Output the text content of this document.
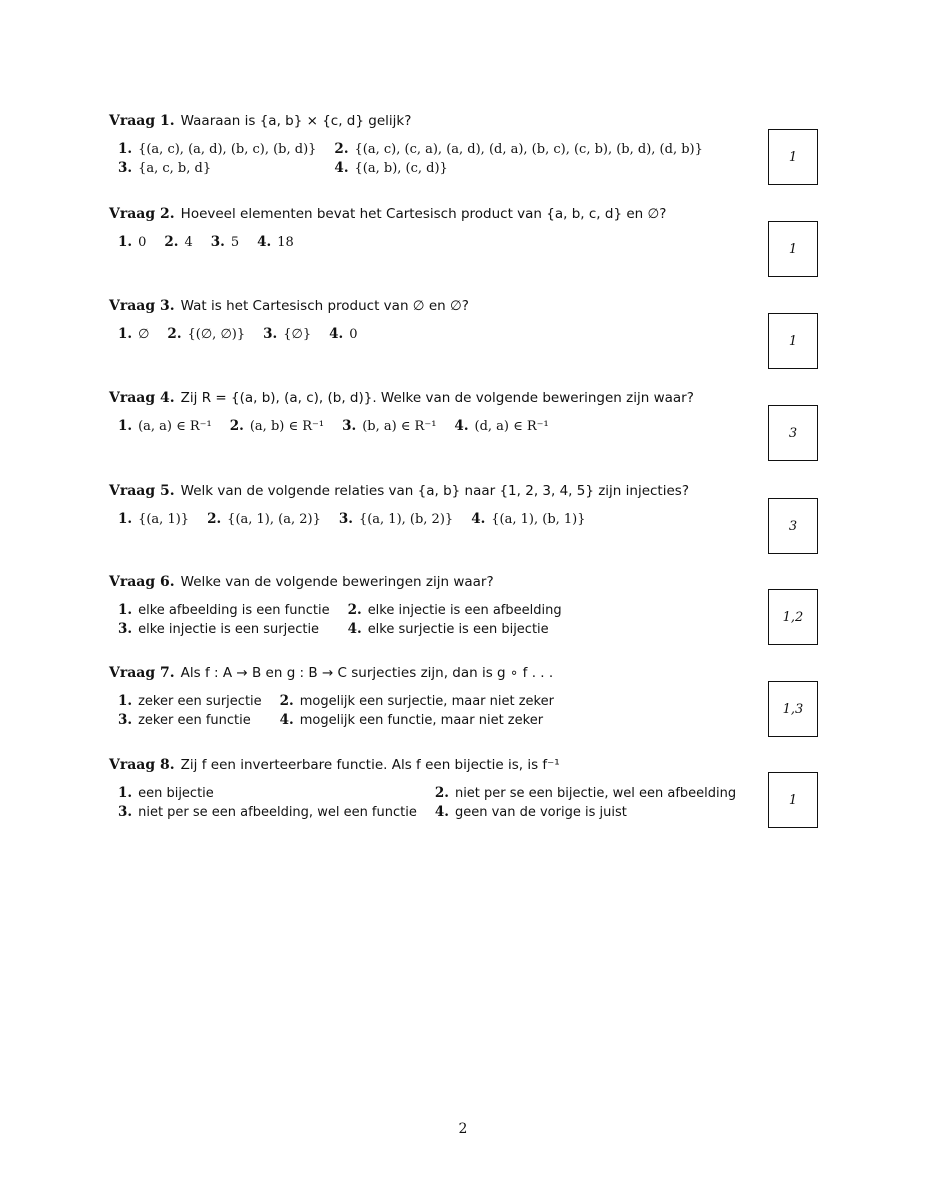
Vraag 1. Waaraan is {a, b} × {c, d} gelijk?
1. {(a, c), (a, d), (b, c), (b, d)} 2. {(a, c), (c, a), (a, d), (d, a), (b, c), (c, b), (b, d), (d, b)}
3. {a, c, b, d}	4. {(a, b), (c, d)}
1
Vraag 2. Hoeveel elementen bevat het Cartesisch product van {a, b, c, d} en ∅?
1. 0 2. 4 3. 5 4. 18	1
Vraag 3. Wat is het Cartesisch product van ∅ en ∅?
1. ∅ 2. {(∅, ∅)} 3. {∅} 4. 0	1
Vraag 4. Zij R = {(a, b), (a, c), (b, d)}. Welke van de volgende beweringen zijn waar?
1. (a, a) ∈ R⁻¹ 2. (a, b) ∈ R⁻¹ 3. (b, a) ∈ R⁻¹ 4. (d, a) ∈ R⁻¹	3
Vraag 5. Welk van de volgende relaties van {a, b} naar {1, 2, 3, 4, 5} zijn injecties?
1. {(a, 1)} 2. {(a, 1), (a, 2)} 3. {(a, 1), (b, 2)} 4. {(a, 1), (b, 1)}	3
Vraag 6. Welke van de volgende beweringen zijn waar?
1. elke afbeelding is een functie 2. elke injectie is een afbeelding
3. elke injectie is een surjectie	4. elke surjectie is een bijectie
1,2
Vraag 7. Als f : A → B en g : B → C surjecties zijn, dan is g ∘ f . . .
1. zeker een surjectie 2. mogelijk een surjectie, maar niet zeker
3. zeker een functie	4. mogelijk een functie, maar niet zeker
1,3
Vraag 8. Zij f een inverteerbare functie. Als f een bijectie is, is f⁻¹
1. een bijectie	2. niet per se een bijectie, wel een afbeelding
3. niet per se een afbeelding, wel een functie 4. geen van de vorige is juist
1
2
